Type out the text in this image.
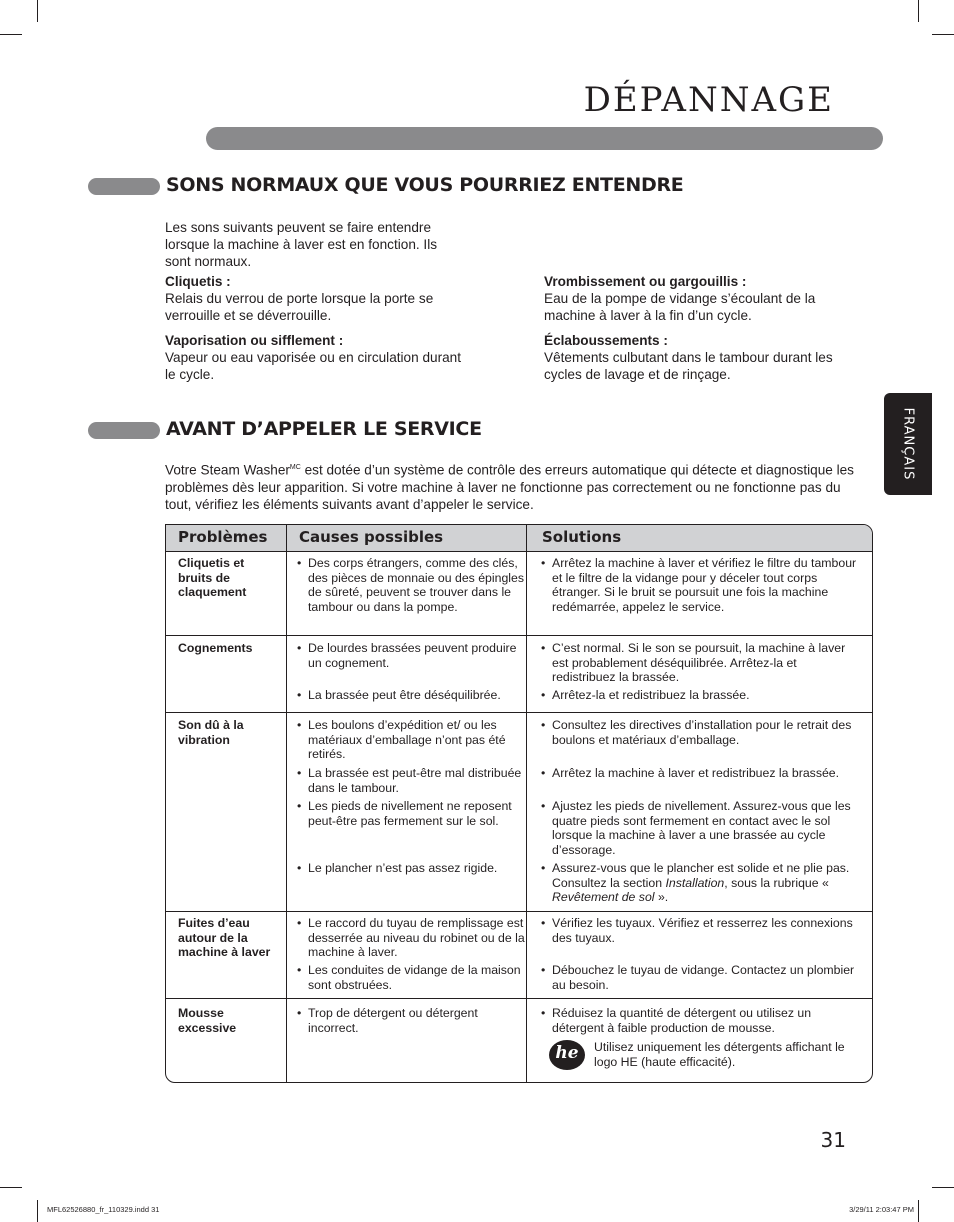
DÉPANNAGE
SONS NORMAUX QUE VOUS POURRIEZ ENTENDRE
Les sons suivants peuvent se faire entendre lorsque la machine à laver est en fonction. Ils sont normaux.
Cliquetis :
Relais du verrou de porte lorsque la porte se verrouille et se déverrouille.
Vaporisation ou sifflement :
Vapeur ou eau vaporisée ou en circulation durant le cycle.
Vrombissement ou gargouillis :
Eau de la pompe de vidange s’écoulant de la machine à laver à la fin d’un cycle.
Éclaboussements :
Vêtements culbutant dans le tambour durant les cycles de lavage et de rinçage.
AVANT D’APPELER LE SERVICE
Votre Steam Washer$^{MC}$ est dotée d’un système de contrôle des erreurs automatique qui détecte et diagnostique les problèmes dès leur apparition. Si votre machine à laver ne fonctionne pas correctement ou ne fonctionne pas du tout, vérifiez les éléments suivants avant d’appeler le service.
FRANÇAIS
Problèmes Causes possibles	Solutions
Cliquetis et bruits de claquement
• Des corps étrangers, comme des clés, des pièces de monnaie ou des épingles de sûreté, peuvent se trouver dans le tambour ou dans la pompe.
• Arrêtez la machine à laver et vérifiez le filtre du tambour et le filtre de la vidange pour y déceler tout corps étranger. Si le bruit se poursuit une fois la machine redémarrée, appelez le service.
Cognements
•	De lourdes brassées peuvent produire un cognement.
• La brassée peut être déséquilibrée.
• C’est normal. Si le son se poursuit, la machine à laver est probablement déséquilibrée. Arrêtez-la et redistribuez la brassée.
• Arrêtez-la et redistribuez la brassée.
Son dû à la vibration
• Les boulons d’expédition et/ ou les matériaux d’emballage n’ont pas été retirés.
• La brassée est peut-être mal distribuée dans le tambour.
• Les pieds de nivellement ne reposent peut-être pas fermement sur le sol.
• Le plancher n’est pas assez rigide.
• Consultez les directives d’installation pour le retrait des boulons et matériaux d’emballage.
• Arrêtez la machine à laver et redistribuez la brassée.
• Ajustez les pieds de nivellement. Assurez-vous que les quatre pieds sont fermement en contact avec le sol lorsque la machine à laver a une brassée au cycle d’essorage.
• Assurez-vous que le plancher est solide et ne plie pas. Consultez la section Installation, sous la rubrique « Revêtement de sol ».
Fuites d’eau autour de la machine à laver
• Le raccord du tuyau de remplissage est desserrée au niveau du robinet ou de la machine à laver.
• Les conduites de vidange de la maison sont obstruées.
• Vérifiez les tuyaux. Vérifiez et resserrez les connexions des tuyaux.
• Débouchez le tuyau de vidange. Contactez un plombier au besoin.
Mousse excessive
• Trop de détergent ou détergent incorrect.
• Réduisez la quantité de détergent ou utilisez un détergent à faible production de mousse.
he	Utilisez uniquement les détergents affichant le logo HE (haute efficacité).
31
MFL62526880_fr_110329.indd 31	3/29/11 2:03:47 PM
